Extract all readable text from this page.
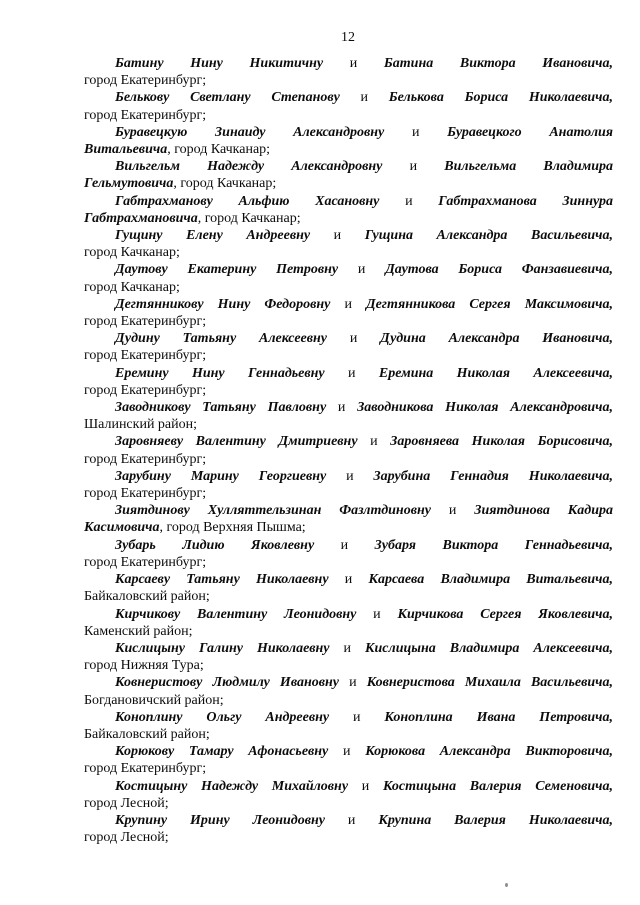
12

Батину Нину Никитичну и Батина Виктора Ивановича,
город Екатеринбург;

Белькову Светлану Степанову и Белькова Бориса Николаевича,
город Екатеринбург;

Буравецкую Зинаиду Александровну и Буравецкого Анатолия
Витальевича, город Качканар;

Вильгельм Надежду Александровну и Вильгельма Владимира
Гельмутовича, город Качканар;

Габтрахманову Альфию Хасановну и Габтрахманова Зиннура
Габтрахмановича, город Качканар;

Гущину Елену Андреевну и Гущина Александра Васильевича,
город Качканар;

Даутову Екатерину Петровну и Даутова Бориса Фанзавиевича,
город Качканар;

Дегтянникову Нину Федоровну и Дегтянникова Сергея Максимовича,
город Екатеринбург;

Дудину Татьяну Алексеевну и Дудина Александра Ивановича,
город Екатеринбург;

Еремину Нину Геннадьевну и Еремина Николая Алексеевича,
город Екатеринбург;

Заводникову Татьяну Павловну и Заводникова Николая Александровича,
Шалинский район;

Заровняеву Валентину Дмитриевну и Заровняева Николая Борисовича,
город Екатеринбург;

Зарубину Марину Георгиевну и Зарубина Геннадия Николаевича,
город Екатеринбург;

Зиятдинову Хулляттельзинан Фазлтдиновну и Зиятдинова Кадира
Касимовича, город Верхняя Пышма;

Зубарь Лидию Яковлевну и Зубаря Виктора Геннадьевича,
город Екатеринбург;

Карсаеву Татьяну Николаевну и Карсаева Владимира Витальевича,
Байкаловский район;

Кирчикову Валентину Леонидовну и Кирчикова Сергея Яковлевича,
Каменский район;

Кислицыну Галину Николаевну и Кислицына Владимира Алексеевича,
город Нижняя Тура;

Ковнеристову Людмилу Ивановну и Ковнеристова Михаила Васильевича,
Богдановичский район;

Коноплину Ольгу Андреевну и Коноплина Ивана Петровича,
Байкаловский район;

Корюкову Тамару Афонасьевну и Корюкова Александра Викторовича,
город Екатеринбург;

Костицыну Надежду Михайловну и Костицына Валерия Семеновича,
город Лесной;

Крупину Ирину Леонидовну и Крупина Валерия Николаевича,
город Лесной;
